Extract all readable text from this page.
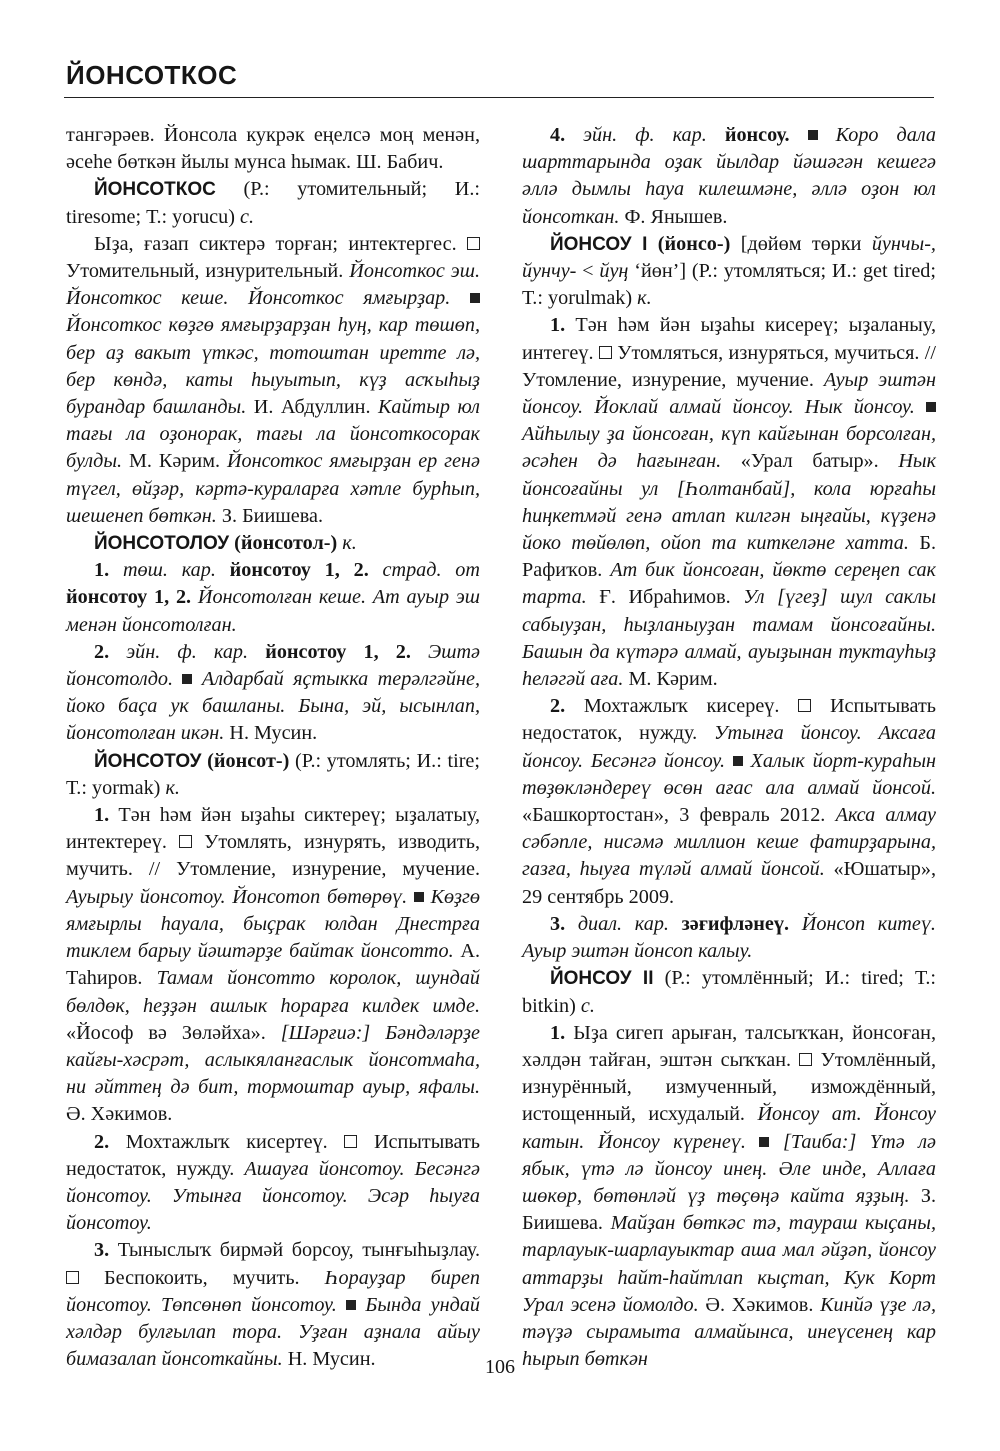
ЙОНСОТКОС

тангәрәев. Йонсола кукрәк еңелсә моң менән, әсеһе бөткән йылы мунса һымак. Ш. Бабич.

ЙОНСОТКОС (Р.: утомительный; И.: tiresome; Т.: yorucu) с.

Ыҙа, ғазап сиктерә торған; интектергес.  Утомительный, изнурительный. Йонсоткос эш. Йонсоткос кеше. Йонсоткос ямғырҙар.  Йонсоткос көҙгө ямғырҙарҙан һуң, кар төшөп, бер аҙ вакыт үткәс, тотоштан иретте лә, бер көндә, каты һыуытып, күҙ асҡыһыҙ бурандар башланды. И. Абдуллин. Кайтыр юл тағы ла оҙонорак, тағы ла йонсоткосорак булды. М. Кәрим. Йонсоткос ямғырҙан ер генә түгел, өйҙәр, кәртә-кураларға хәтле бурһып, шешенеп бөткән. З. Биишева.

ЙОНСОТОЛОУ (йонсотол-) к.

1. төш. кар. йонсотоу 1, 2. страд. от йонсотоу 1, 2. Йонсотолған кеше. Ат ауыр эш менән йонсотолған.

2. эйн. ф. кар. йонсотоу 1, 2. Эштә йонсотолдо.  Алдарбай яҫтыкка терәлгәйне, йоко баҫа ук башланы. Бына, эй, ысынлап, йонсотолған икән. Н. Мусин.

ЙОНСОТОУ (йонсот-) (Р.: утомлять; И.: tire; Т.: yormak) к.

1. Тән һәм йән ыҙаһы сиктереү; ыҙалатыу, интектереү.  Утомлять, изнурять, изводить, мучить. // Утомление, изнурение, мучение. Ауырыу йонсотоу. Йонсотоп бөтөрөү.  Көҙгө ямғырлы һауала, быҫрак юлдан Днестрға тиклем барыу йәштәрҙе байтак йонсотто. А. Таһиров. Тамам йонсотто королок, шундай бөлдөк, һеҙҙән ашлык һорарға килдек имде. «Йософ вә Зөләйха». [Шәрғиә:] Бәндәләрҙе кайғы-хәсрәт, аслыкяланғаслык йонсотмаһа, ни әйттең дә бит, тормоштар ауыр, яфалы. Ә. Хәкимов.

2. Мохтажлыҡ кисертеү.  Испытывать недостаток, нужду. Ашауға йонсотоу. Бесәнгә йонсотоу. Утынға йонсотоу. Эсәр һыуға йонсотоу.

3. Тыныслыҡ бирмәй борсоу, тынғыһыҙлау.  Беспокоить, мучить. Һорауҙар биреп йонсотоу. Төпсөнөп йонсотоу.  Бында ундай хәлдәр булғылап тора. Уҙған аҙнала айыу бимазалап йонсоткайны. Н. Мусин.

4. эйн. ф. кар. йонсоу.  Коро дала шарттарында оҙак йылдар йәшәгән кешегә әллә дымлы һауа килешмәне, әллә оҙон юл йонсоткан. Ф. Янышев.

ЙОНСОУ I (йонсо-) [дөйөм төрки йунчы-, йунчу- < йуң ‘йөн’] (Р.: утомляться; И.: get tired; Т.: yorulmak) к.

1. Тән һәм йән ыҙаһы кисереү; ыҙаланыу, интегеү.  Утомляться, изнуряться, мучиться. // Утомление, изнурение, мучение. Ауыр эштән йонсоу. Йоклай алмай йонсоу. Нык йонсоу.  Айһылыу ҙа йонсоған, күп кайғынан борсолған, әсәһен дә һағынған. «Урал батыр». Нык йонсоғайны ул [Һолтанбай], кола юрғаһы һиңкетмәй генә атлап килгән ыңғайы, күҙенә йоко төйөлөп, ойоп та киткеләне хатта. Б. Рафиҡов. Ат бик йонсоған, йөктө сереңеп сак тарта. Ғ. Ибраһимов. Ул [үгеҙ] шул саклы сабыуҙан, һыҙланыуҙан тамам йонсоғайны. Башын да күтәрә алмай, ауыҙынан туктауһыҙ һеләгәй аға. М. Кәрим.

2. Мохтажлыҡ кисереү.  Испытывать недостаток, нужду. Утынға йонсоу. Аксаға йонсоу. Бесәнгә йонсоу.  Халык йорт-кураһын төҙөкләндереү өсөн ағас ала алмай йонсой. «Башкортостан», 3 февраль 2012. Акса алмау сәбәпле, нисәмә миллион кеше фатирҙарына, газға, һыуға түләй алмай йонсой. «Юшатыр», 29 сентябрь 2009.

3. диал. кар. зәғифләнеү. Йонсоп китеү. Ауыр эштән йонсоп калыу.

ЙОНСОУ II (Р.: утомлённый; И.: tired; Т.: bitkin) с.

1. Ыҙа сигеп арыған, талсыҡҡан, йонсоған, хәлдән тайған, эштән сыҡҡан.  Утомлённый, изнурённый, измученный, измождённый, истощенный, исхудалый. Йонсоу ат. Йонсоу катын. Йонсоу күренеү.  [Таиба:] Үтә лә ябык, үтә лә йонсоу инең. Әле инде, Аллаға шөкөр, бөтөнләй үҙ төҫөңә кайта яҙҙың. З. Биишева. Майҙан бөткәс тә, таураш кыҫаны, тарлауык-шарлауыктар аша мал әйҙәп, йонсоу аттарҙы һайт-һайтлап кыҫтап, Кук Корт Урал эсенә йомолдо. Ә. Хәкимов. Кинйә үҙе лә, тәүҙә сырамыта алмайынса, инеүсенең кар һырып бөткән

106
